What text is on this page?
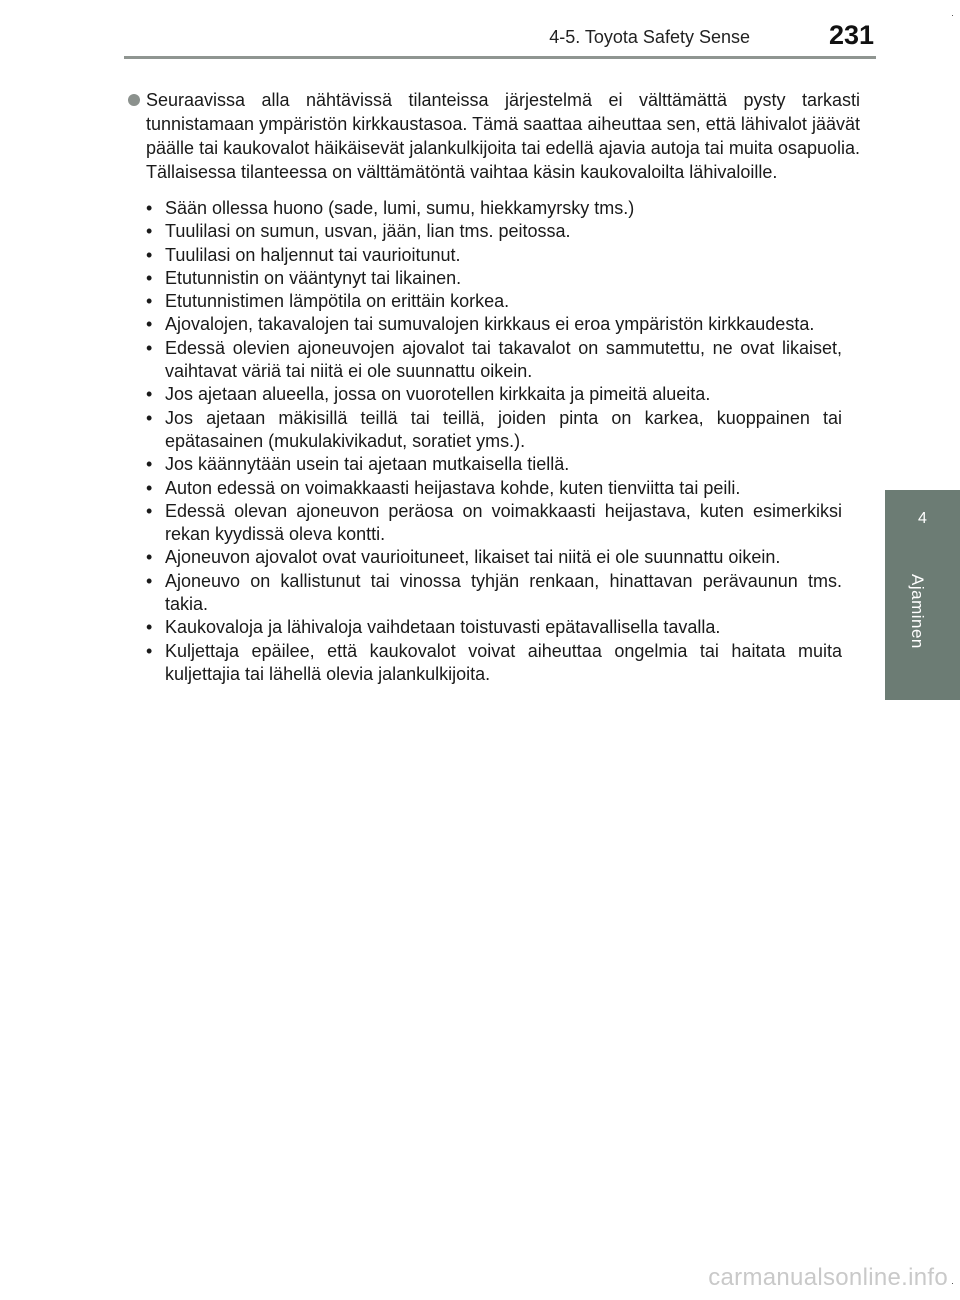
4-5. Toyota Safety Sense	231
4
Ajaminen

Seuraavissa alla nähtävissä tilanteissa järjestelmä ei välttämättä pysty tarkasti tunnistamaan ympäristön kirkkaustasoa. Tämä saattaa aiheuttaa sen, että lähivalot jäävät päälle tai kaukovalot häikäisevät jalankulkijoita tai edellä ajavia autoja tai muita osapuolia. Tällaisessa tilanteessa on välttämätöntä vaihtaa käsin kaukovaloilta lähivaloille.

• Sään ollessa huono (sade, lumi, sumu, hiekkamyrsky tms.)
• Tuulilasi on sumun, usvan, jään, lian tms. peitossa.
• Tuulilasi on haljennut tai vaurioitunut.
• Etutunnistin on vääntynyt tai likainen.
• Etutunnistimen lämpötila on erittäin korkea.
• Ajovalojen, takavalojen tai sumuvalojen kirkkaus ei eroa ympäristön kirkkaudesta.
• Edessä olevien ajoneuvojen ajovalot tai takavalot on sammutettu, ne ovat likaiset, vaihtavat väriä tai niitä ei ole suunnattu oikein.
• Jos ajetaan alueella, jossa on vuorotellen kirkkaita ja pimeitä alueita.
• Jos ajetaan mäkisillä teillä tai teillä, joiden pinta on karkea, kuoppainen tai epätasainen (mukulakivikadut, soratiet yms.).
• Jos käännytään usein tai ajetaan mutkaisella tiellä.
• Auton edessä on voimakkaasti heijastava kohde, kuten tienviitta tai peili.
• Edessä olevan ajoneuvon peräosa on voimakkaasti heijastava, kuten esimerkiksi rekan kyydissä oleva kontti.
• Ajoneuvon ajovalot ovat vaurioituneet, likaiset tai niitä ei ole suunnattu oikein.
• Ajoneuvo on kallistunut tai vinossa tyhjän renkaan, hinattavan perävaunun tms. takia.
• Kaukovaloja ja lähivaloja vaihdetaan toistuvasti epätavallisella tavalla.
• Kuljettaja epäilee, että kaukovalot voivat aiheuttaa ongelmia tai haitata muita kuljettajia tai lähellä olevia jalankulkijoita.
carmanualsonline.info
